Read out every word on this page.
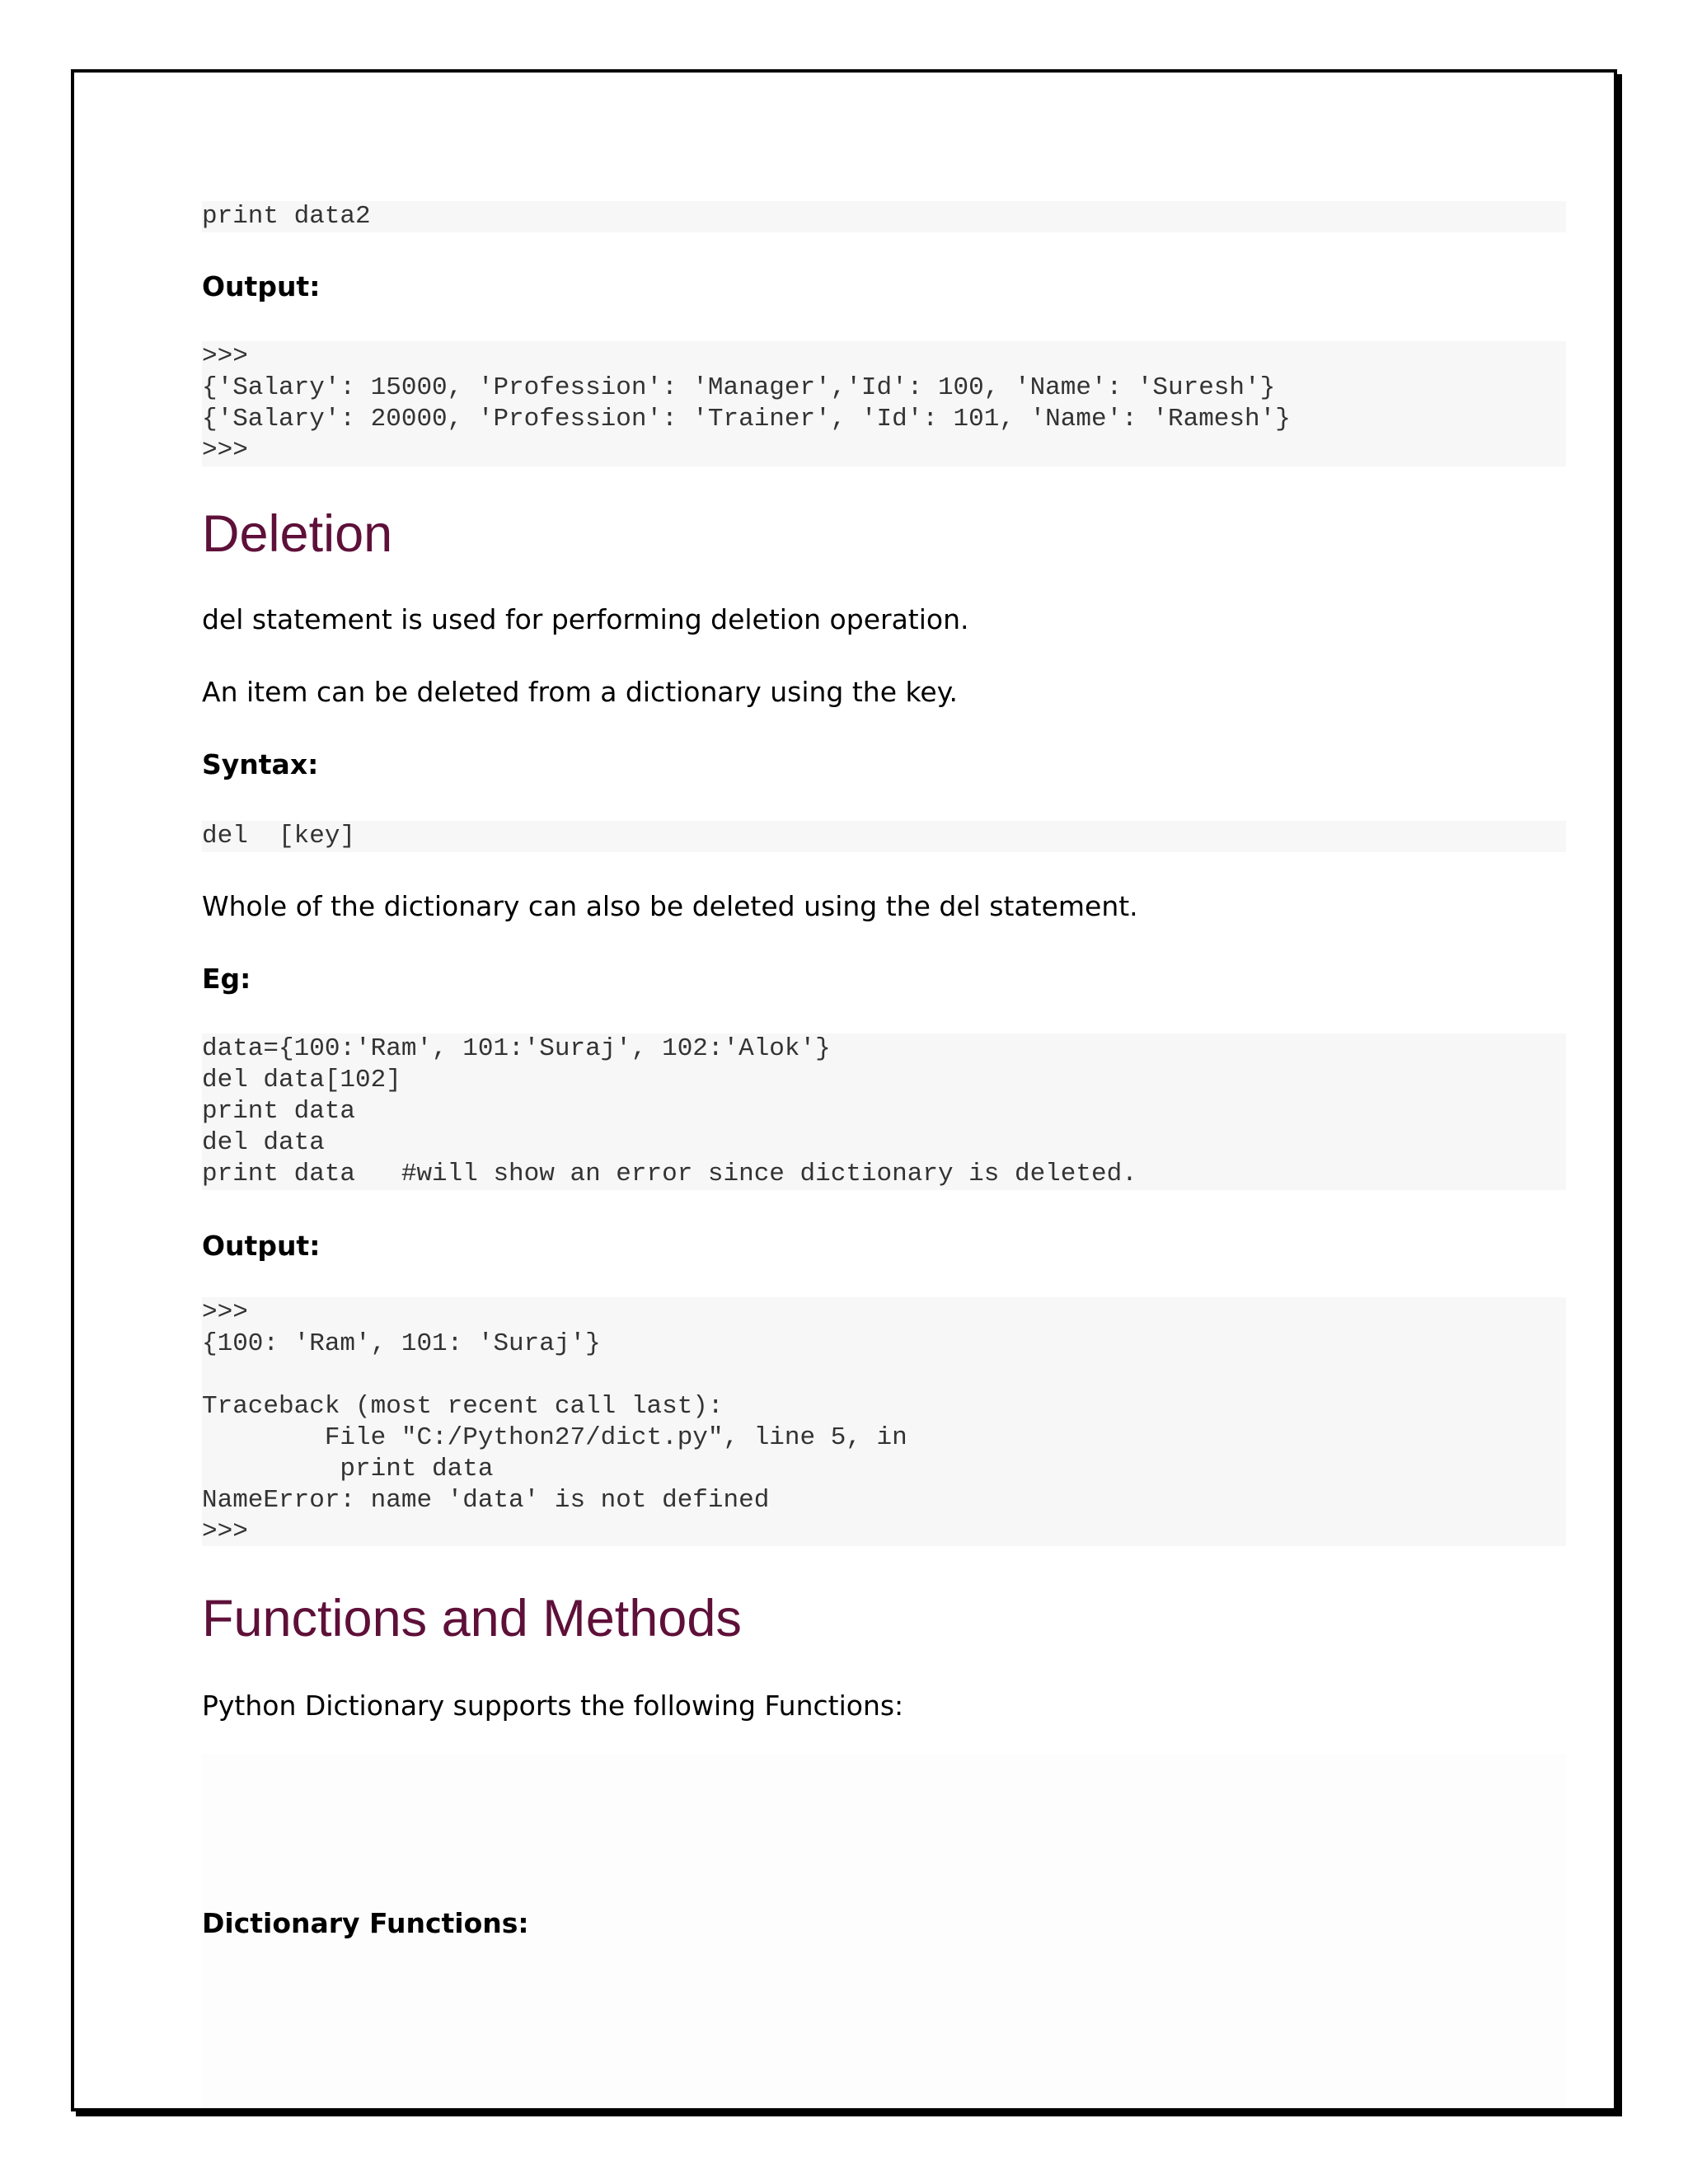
print data2

Output:

>>>
{'Salary': 15000, 'Profession': 'Manager','Id': 100, 'Name': 'Suresh'}
{'Salary': 20000, 'Profession': 'Trainer', 'Id': 101, 'Name': 'Ramesh'}
>>>
Deletion

del statement is used for performing deletion operation.

An item can be deleted from a dictionary using the key.

Syntax:

del  [key]

Whole of the dictionary can also be deleted using the del statement.

Eg:

data={100:'Ram', 101:'Suraj', 102:'Alok'}
del data[102]
print data
del data
print data   #will show an error since dictionary is deleted.

Output:

>>>
{100: 'Ram', 101: 'Suraj'}

Traceback (most recent call last):
File "C:/Python27/dict.py", line 5, in
print data
NameError: name 'data' is not defined
>>>
Functions and Methods

Python Dictionary supports the following Functions:

Dictionary Functions:
